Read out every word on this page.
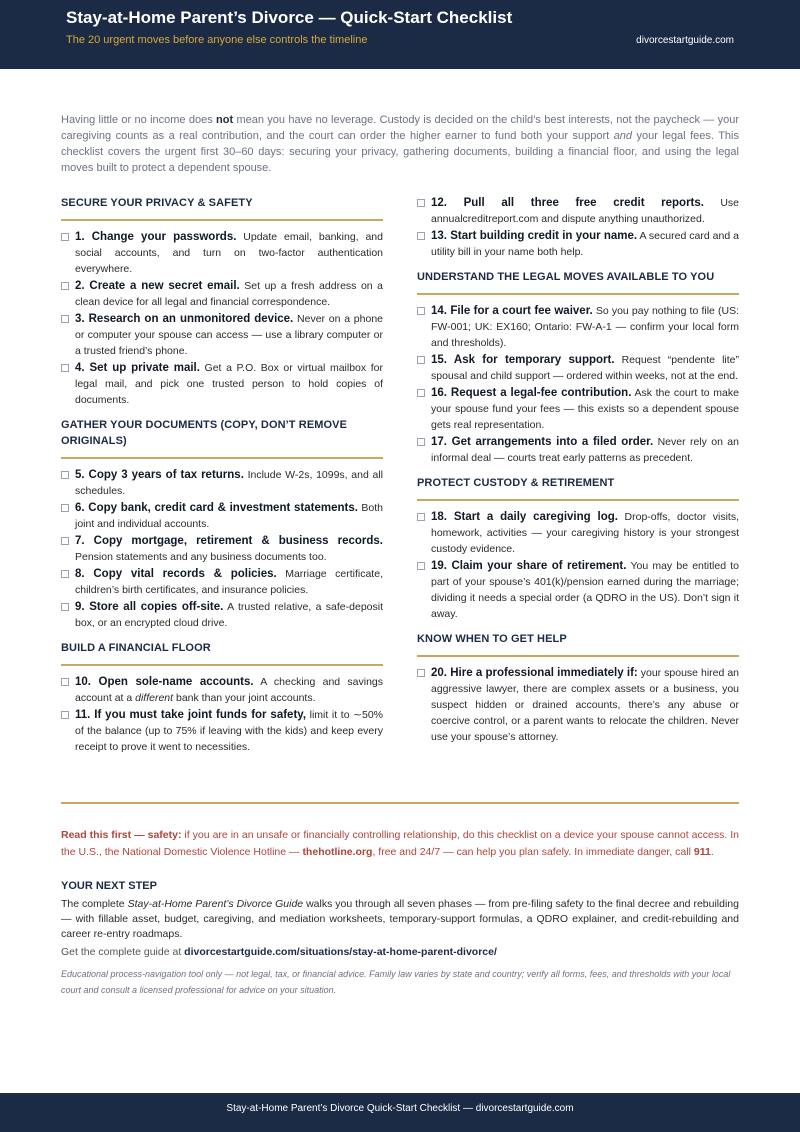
Stay-at-Home Parent’s Divorce — Quick-Start Checklist
The 20 urgent moves before anyone else controls the timeline	divorcestartguide.com
Having little or no income does not mean you have no leverage. Custody is decided on the child’s best interests, not the paycheck — your caregiving counts as a real contribution, and the court can order the higher earner to fund both your support and your legal fees. This checklist covers the urgent first 30–60 days: securing your privacy, gathering documents, building a financial floor, and using the legal moves built to protect a dependent spouse.
SECURE YOUR PRIVACY & SAFETY
1. Change your passwords. Update email, banking, and social accounts, and turn on two-factor authentication everywhere.
2. Create a new secret email. Set up a fresh address on a clean device for all legal and financial correspondence.
3. Research on an unmonitored device. Never on a phone or computer your spouse can access — use a library computer or a trusted friend’s phone.
4. Set up private mail. Get a P.O. Box or virtual mailbox for legal mail, and pick one trusted person to hold copies of documents.
GATHER YOUR DOCUMENTS (COPY, DON’T REMOVE ORIGINALS)
5. Copy 3 years of tax returns. Include W-2s, 1099s, and all schedules.
6. Copy bank, credit card & investment statements. Both joint and individual accounts.
7. Copy mortgage, retirement & business records. Pension statements and any business documents too.
8. Copy vital records & policies. Marriage certificate, children’s birth certificates, and insurance policies.
9. Store all copies off-site. A trusted relative, a safe-deposit box, or an encrypted cloud drive.
BUILD A FINANCIAL FLOOR
10. Open sole-name accounts. A checking and savings account at a different bank than your joint accounts.
11. If you must take joint funds for safety, limit it to ∼50% of the balance (up to 75% if leaving with the kids) and keep every receipt to prove it went to necessities.
12. Pull all three free credit reports. Use annualcreditreport.com and dispute anything unauthorized.
13. Start building credit in your name. A secured card and a utility bill in your name both help.
UNDERSTAND THE LEGAL MOVES AVAILABLE TO YOU
14. File for a court fee waiver. So you pay nothing to file (US: FW-001; UK: EX160; Ontario: FW-A-1 — confirm your local form and thresholds).
15. Ask for temporary support. Request “pendente lite” spousal and child support — ordered within weeks, not at the end.
16. Request a legal-fee contribution. Ask the court to make your spouse fund your fees — this exists so a dependent spouse gets real representation.
17. Get arrangements into a filed order. Never rely on an informal deal — courts treat early patterns as precedent.
PROTECT CUSTODY & RETIREMENT
18. Start a daily caregiving log. Drop-offs, doctor visits, homework, activities — your caregiving history is your strongest custody evidence.
19. Claim your share of retirement. You may be entitled to part of your spouse’s 401(k)/pension earned during the marriage; dividing it needs a special order (a QDRO in the US). Don’t sign it away.
KNOW WHEN TO GET HELP
20. Hire a professional immediately if: your spouse hired an aggressive lawyer, there are complex assets or a business, you suspect hidden or drained accounts, there’s any abuse or coercive control, or a parent wants to relocate the children. Never use your spouse’s attorney.
Read this first — safety: if you are in an unsafe or financially controlling relationship, do this checklist on a device your spouse cannot access. In the U.S., the National Domestic Violence Hotline — thehotline.org, free and 24/7 — can help you plan safely. In immediate danger, call 911.
YOUR NEXT STEP
The complete Stay-at-Home Parent’s Divorce Guide walks you through all seven phases — from pre-filing safety to the final decree and rebuilding — with fillable asset, budget, caregiving, and mediation worksheets, temporary-support formulas, a QDRO explainer, and credit-rebuilding and career re-entry roadmaps.
Get the complete guide at divorcestartguide.com/situations/stay-at-home-parent-divorce/
Educational process-navigation tool only — not legal, tax, or financial advice. Family law varies by state and country; verify all forms, fees, and thresholds with your local court and consult a licensed professional for advice on your situation.
Stay-at-Home Parent’s Divorce Quick-Start Checklist — divorcestartguide.com
